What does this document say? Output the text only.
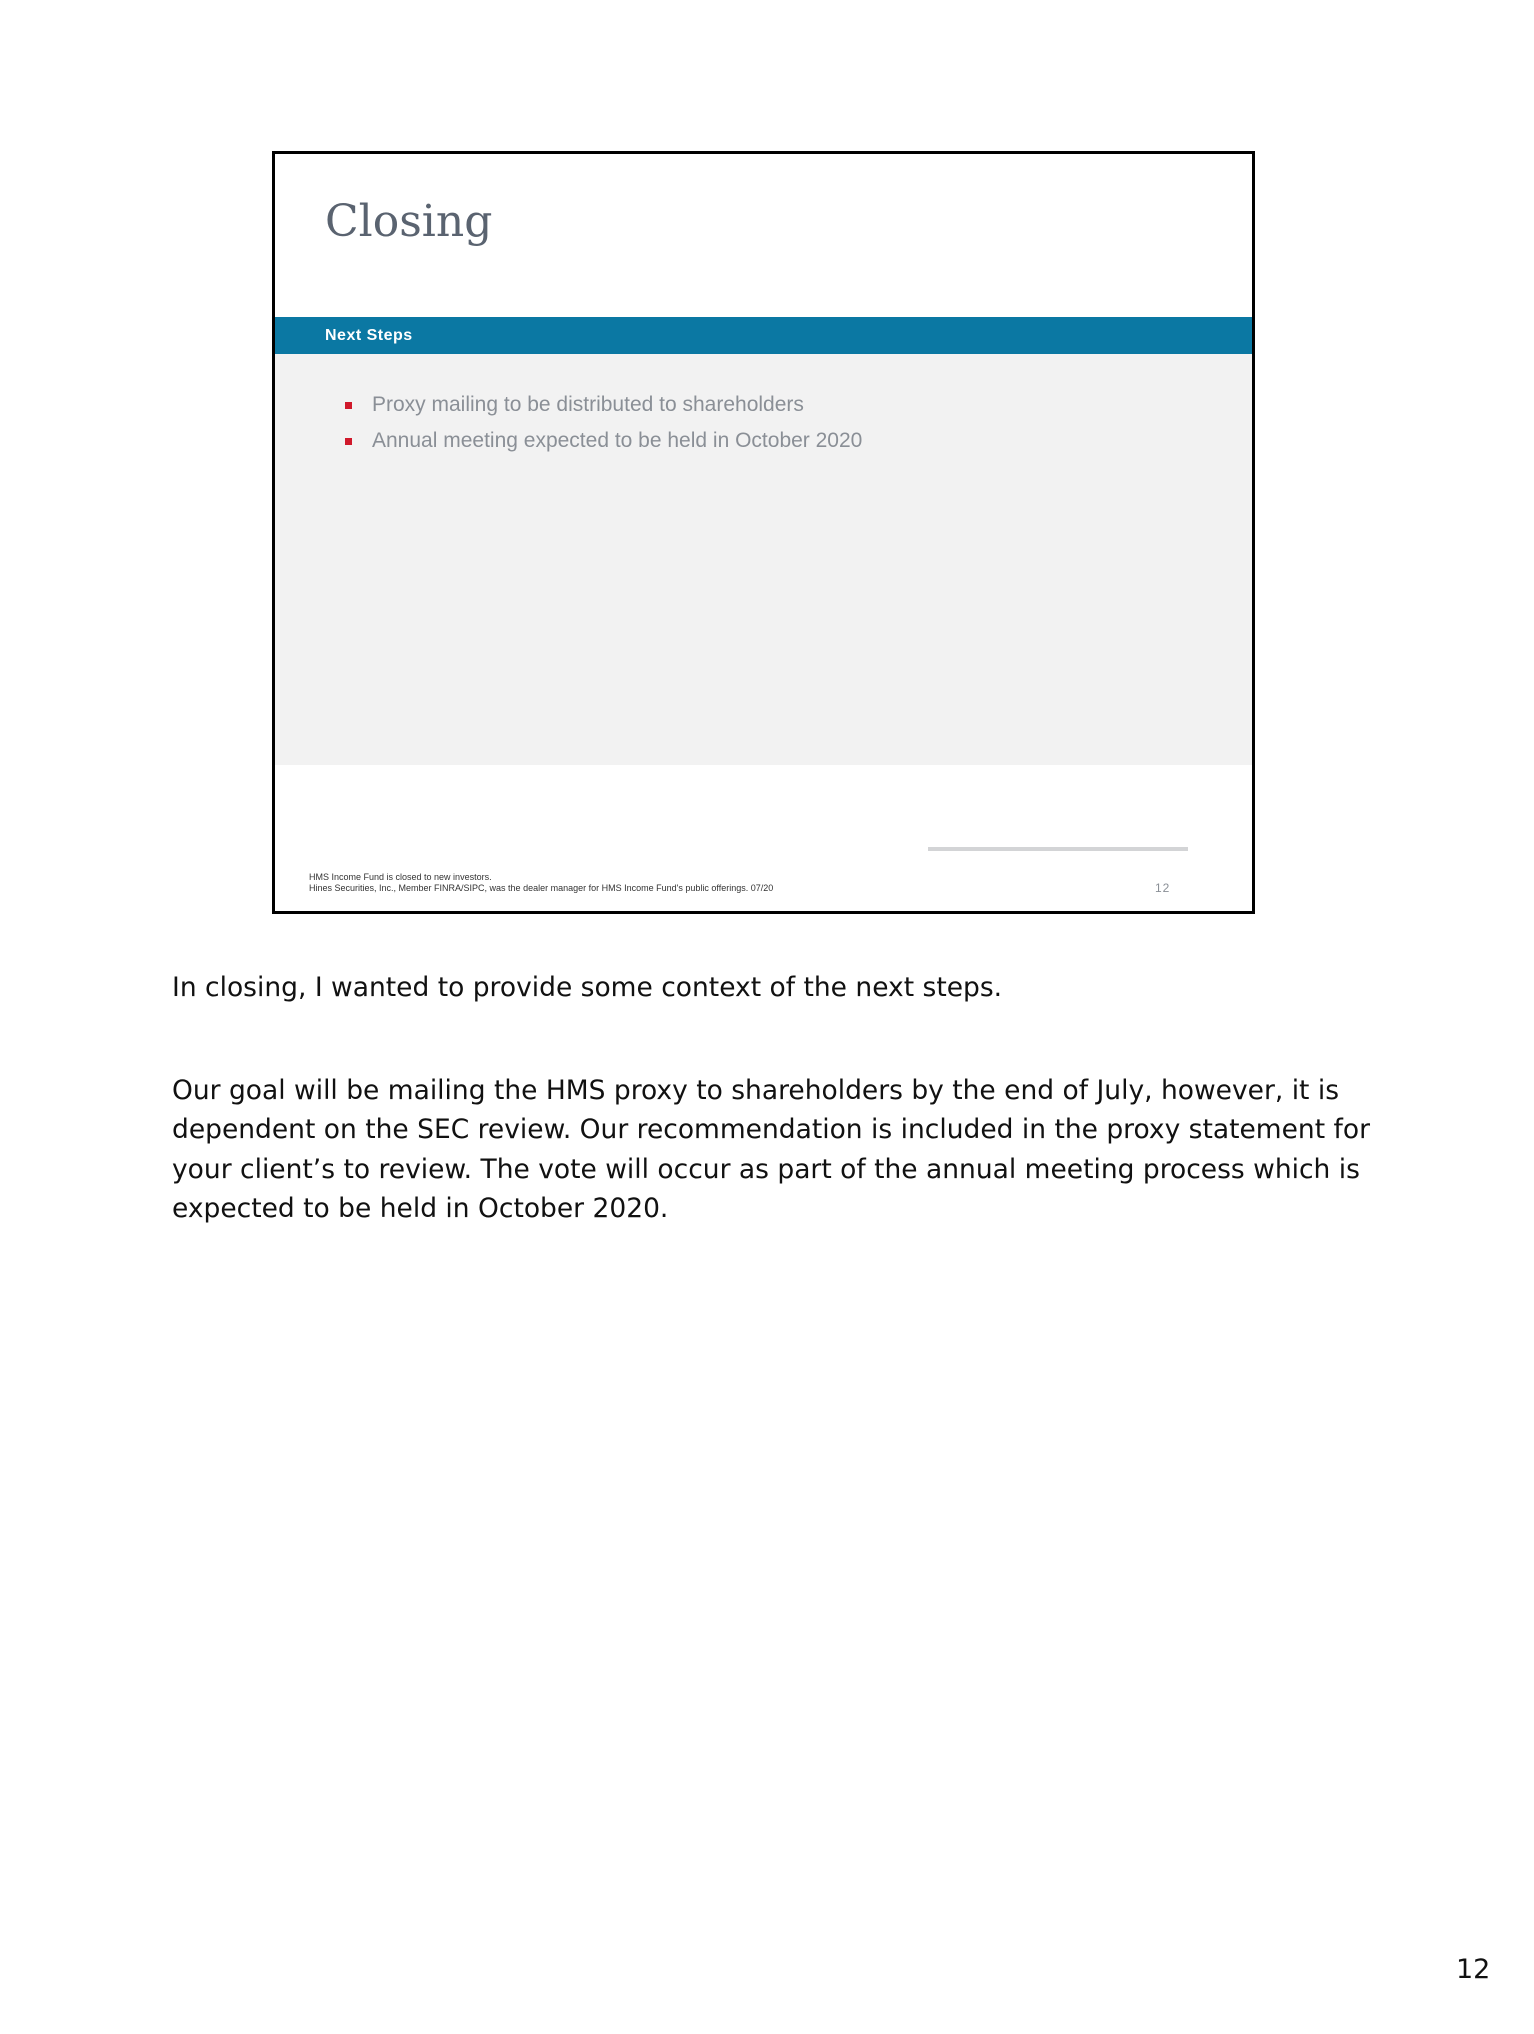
Closing
Next Steps
Proxy mailing to be distributed to shareholders
Annual meeting expected to be held in October 2020
HMS Income Fund is closed to new investors.
Hines Securities, Inc., Member FINRA/SIPC, was the dealer manager for HMS Income Fund's public offerings. 07/20	12

In closing, I wanted to provide some context of the next steps.

Our goal will be mailing the HMS proxy to shareholders by the end of July, however, it is dependent on the SEC review. Our recommendation is included in the proxy statement for your client’s to review. The vote will occur as part of the annual meeting process which is expected to be held in October 2020.

12
